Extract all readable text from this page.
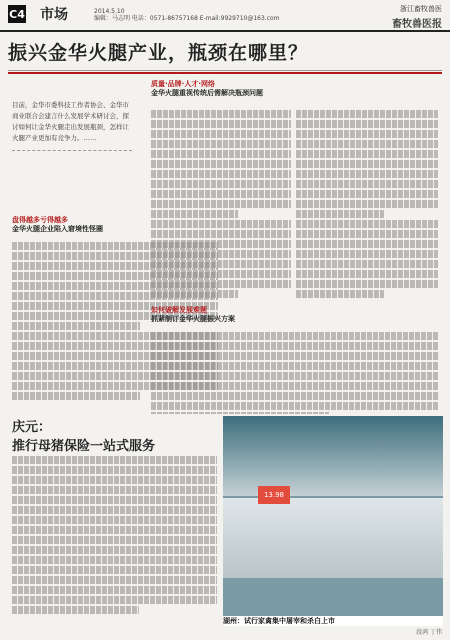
C4 市场	2014.5.10
编辑：马志明 电话：0571-86757168 E-mail:9929710@163.com
浙江畜牧兽医
畜牧兽医报
振兴金华火腿产业，瓶颈在哪里？
目前，金华市委科技工作者协会、金华市商业联合会建言什么发展学术研讨会，探讨如何让金华火腿走出发展瓶颈，怎样让火腿产业更加有竞争力。……
盘得越多亏得越多
金华火腿企业陷入窘境性怪圈
质量·品牌·人才·网络
金华火腿重视传统后需解决瓶颈问题
如何破解发展难题
抓紧制订金华火腿振兴方案
庆元：
推行母猪保险一站式服务
13.98
湖州：试行家禽集中屠宰和杀白上市
段鸿 丁伟
